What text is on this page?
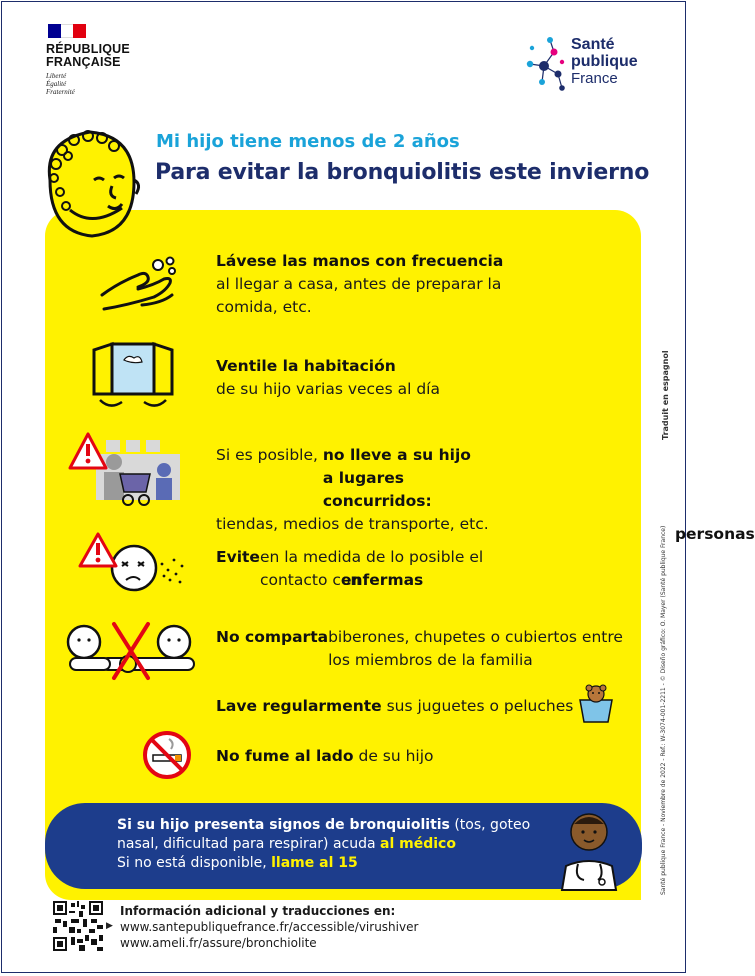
RÉPUBLIQUE
FRANÇAISE
Liberté
Égalité
Fraternité
Santé
publique
France
Mi hijo tiene menos de 2 años
Para evitar la bronquiolitis este invierno
Lávese las manos con frecuencia
al llegar a casa, antes de preparar la comida, etc.
Ventile la habitaciónde su hijo varias veces al día
Si es posible, no lleve a su hijo a lugares concurridos:
tiendas, medios de transporte, etc.
Eviteen la medida de lo posible el contacto conpersonas enfermas
No compartabiberones, chupetes o cubiertos entre los miembros de la familia
Lave regularmente sus juguetes o peluches
No fume al lado de su hijo
Si su hijo presenta signos de bronquiolitis (tos, goteo nasal, dificultad para respirar) acuda al médico
Si no está disponible, llame al 15
▶
Información adicional y traducciones en:
www.santepubliquefrance.fr/accessible/virushiver
www.ameli.fr/assure/bronchiolite
Traduit en espagnol
Santé publique France - Noviembre de 2022 - Ref.: W-3074-001-2211 - © Diseño gráfico: O. Mayer (Santé publique France)
